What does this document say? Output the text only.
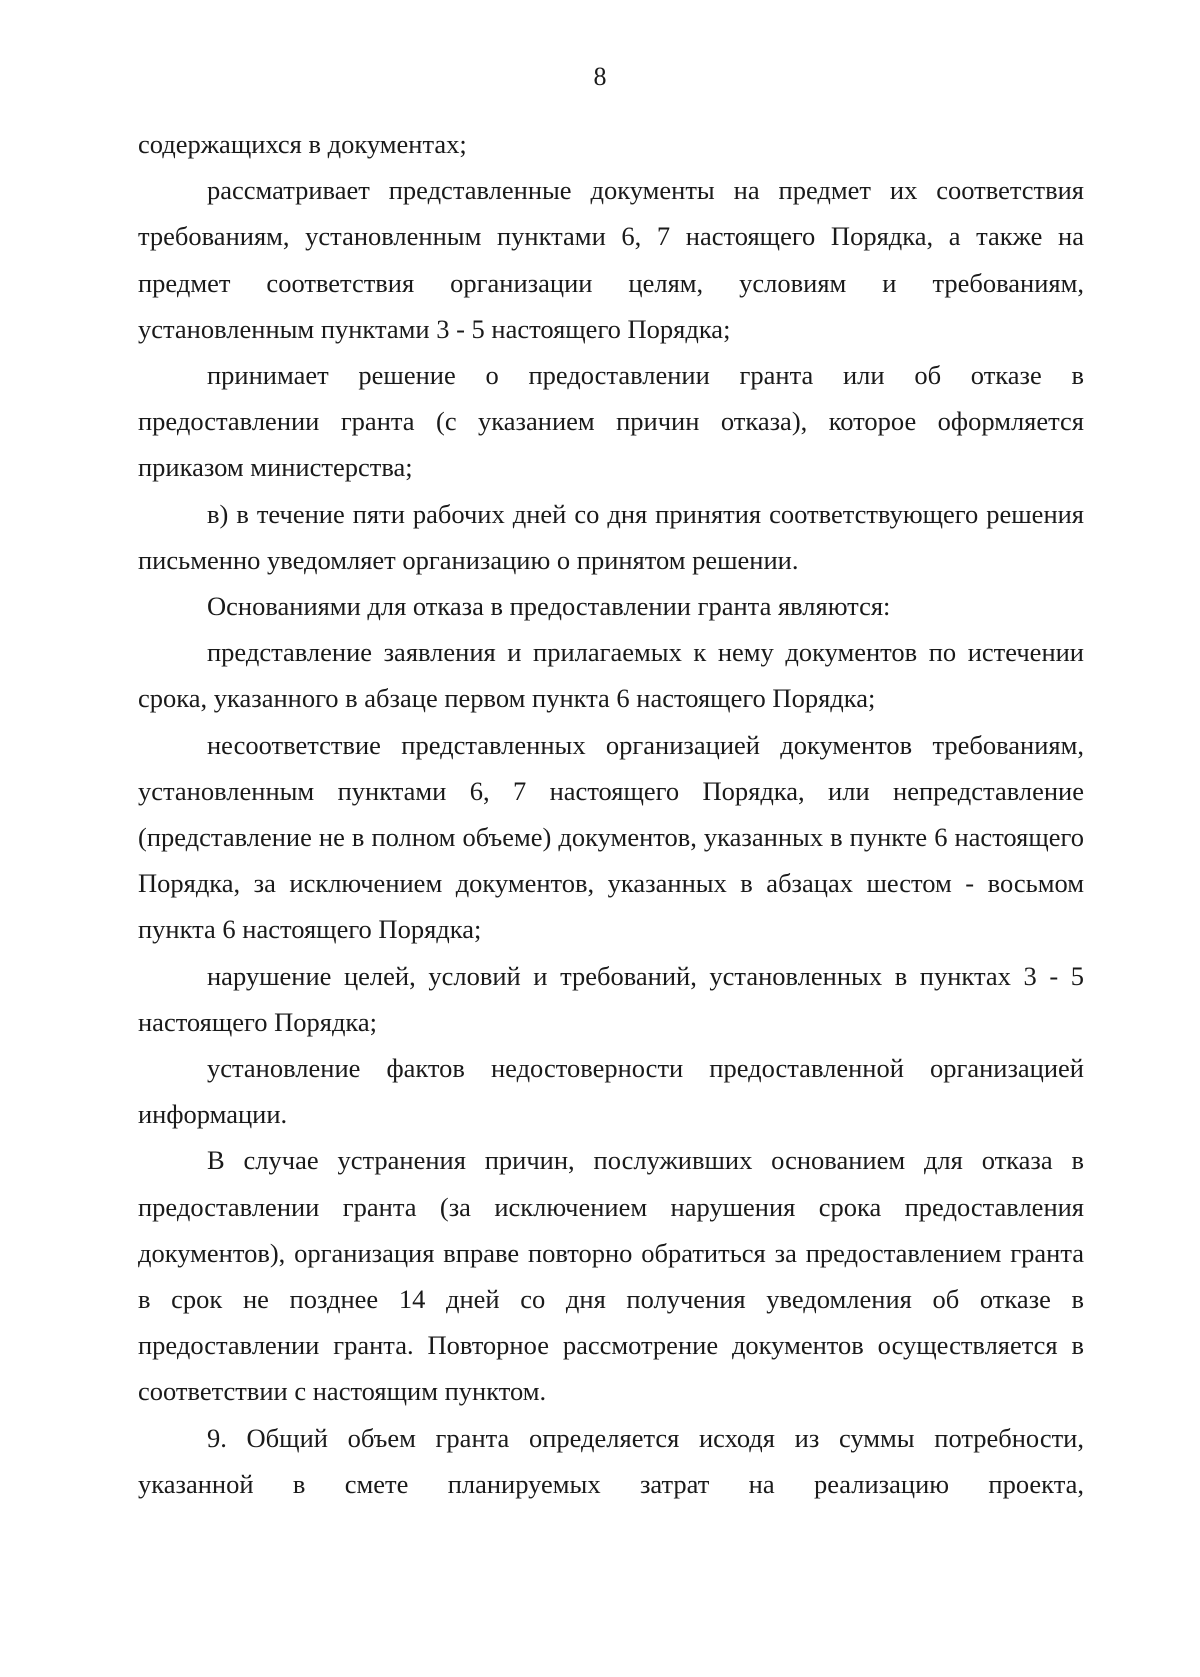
8

содержащихся в документах;

рассматривает представленные документы на предмет их соответствия требованиям, установленным пунктами 6, 7 настоящего Порядка, а также на предмет соответствия организации целям, условиям и требованиям, установленным пунктами 3 - 5 настоящего Порядка;

принимает решение о предоставлении гранта или об отказе в предоставлении гранта (с указанием причин отказа), которое оформляется приказом министерства;

в) в течение пяти рабочих дней со дня принятия соответствующего решения письменно уведомляет организацию о принятом решении.

Основаниями для отказа в предоставлении гранта являются:

представление заявления и прилагаемых к нему документов по истечении срока, указанного в абзаце первом пункта 6 настоящего Порядка;

несоответствие представленных организацией документов требованиям, установленным пунктами 6, 7 настоящего Порядка, или непредставление (представление не в полном объеме) документов, указанных в пункте 6 настоящего Порядка, за исключением документов, указанных в абзацах шестом - восьмом пункта 6 настоящего Порядка;

нарушение целей, условий и требований, установленных в пунктах 3 - 5 настоящего Порядка;

установление фактов недостоверности предоставленной организацией информации.

В случае устранения причин, послуживших основанием для отказа в предоставлении гранта (за исключением нарушения срока предоставления документов), организация вправе повторно обратиться за предоставлением гранта в срок не позднее 14 дней со дня получения уведомления об отказе в предоставлении гранта. Повторное рассмотрение документов осуществляется в соответствии с настоящим пунктом.

9. Общий объем гранта определяется исходя из суммы потребности, указанной в смете планируемых затрат на реализацию проекта,
